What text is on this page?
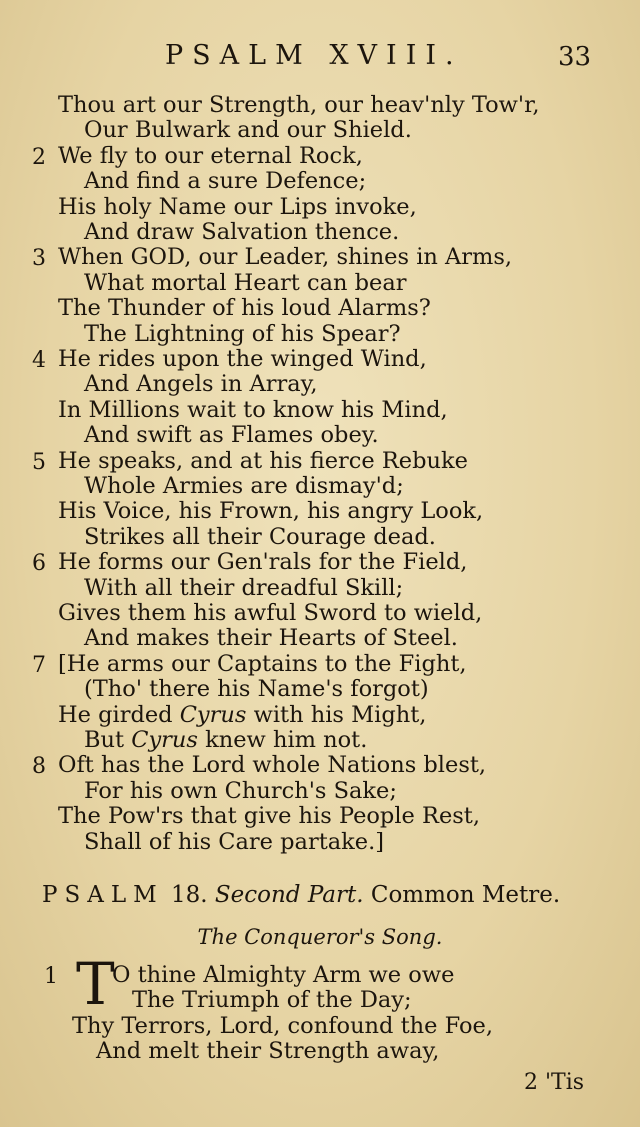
PSALM XVIII.	33
Thou art our Strength, our heav'nly Tow'r,
Our Bulwark and our Shield.
2 We fly to our eternal Rock,
And find a sure Defence;
His holy Name our Lips invoke,
And draw Salvation thence.
3 When GOD, our Leader, shines in Arms,
What mortal Heart can bear
The Thunder of his loud Alarms?
The Lightning of his Spear?
4 He rides upon the winged Wind,
And Angels in Array,
In Millions wait to know his Mind,
And swift as Flames obey.
5 He speaks, and at his fierce Rebuke
Whole Armies are dismay'd;
His Voice, his Frown, his angry Look,
Strikes all their Courage dead.
6 He forms our Gen'rals for the Field,
With all their dreadful Skill;
Gives them his awful Sword to wield,
And makes their Hearts of Steel.
7 [He arms our Captains to the Fight,
(Tho' there his Name's forgot)
He girded Cyrus with his Might,
But Cyrus knew him not.
8 Oft has the Lord whole Nations blest,
For his own Church's Sake;
The Pow'rs that give his People Rest,
Shall of his Care partake.]
PSALM 18. Second Part. Common Metre.
The Conqueror's Song.
T
1 O thine Almighty Arm we owe
The Triumph of the Day;
Thy Terrors, Lord, confound the Foe,
And melt their Strength away,
2 'Tis
